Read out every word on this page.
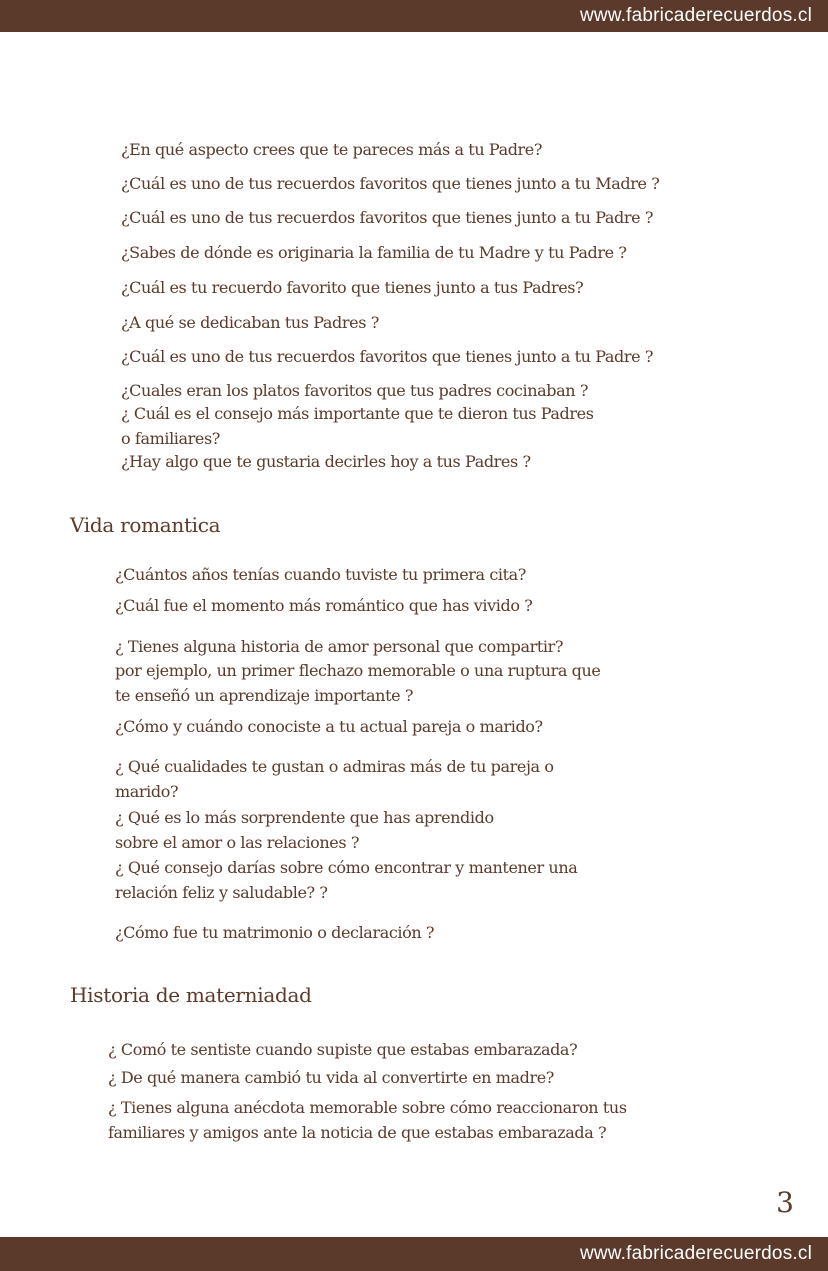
www.fabricaderecuerdos.cl

¿En qué aspecto crees que te pareces más a tu Padre?

¿Cuál es uno de tus recuerdos favoritos que tienes junto a tu Madre ?

¿Cuál es uno de tus recuerdos favoritos que tienes junto a tu Padre ?

¿Sabes de dónde es originaria la familia de tu Madre y tu Padre ?

¿Cuál es tu recuerdo favorito que tienes junto a tus Padres?

¿A qué se dedicaban tus Padres ?

¿Cuál es uno de tus recuerdos favoritos que tienes junto a tu Padre ?

¿Cuales eran los platos favoritos que tus padres cocinaban ?

¿ Cuál es el consejo más importante que te dieron tus Padres

o familiares?

¿Hay algo que te gustaria decirles hoy a tus Padres ?

Vida romantica

¿Cuántos años tenías cuando tuviste tu primera cita?

¿Cuál fue el momento más romántico que has vivido ?

¿ Tienes alguna historia de amor personal que compartir?

por ejemplo, un primer flechazo memorable o una ruptura que

te enseñó un aprendizaje importante ?

¿Cómo y cuándo conociste a tu actual pareja o marido?

¿ Qué cualidades te gustan o admiras más de tu pareja o

marido?

¿ Qué es lo más sorprendente que has aprendido

sobre el amor o las relaciones ?

¿ Qué consejo darías sobre cómo encontrar y mantener una

relación feliz y saludable? ?

¿Cómo fue tu matrimonio o declaración ?

Historia de materniadad

¿ Comó te sentiste cuando supiste que estabas embarazada?

¿ De qué manera cambió tu vida al convertirte en madre?

¿ Tienes alguna anécdota memorable sobre cómo reaccionaron tus

familiares y amigos ante la noticia de que estabas embarazada ?

3
www.fabricaderecuerdos.cl
